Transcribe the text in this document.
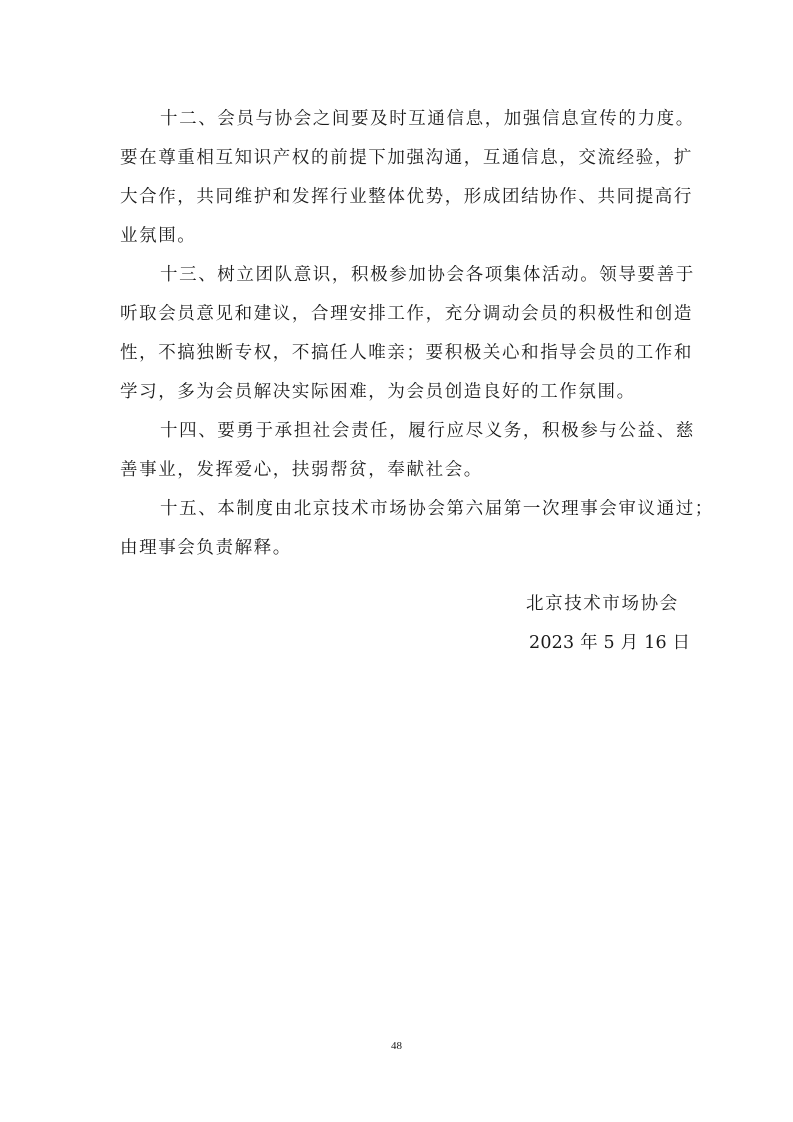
十二、会员与协会之间要及时互通信息，加强信息宣传的力度。
要在尊重相互知识产权的前提下加强沟通，互通信息，交流经验，扩
大合作，共同维护和发挥行业整体优势，形成团结协作、共同提高行
业氛围。
十三、树立团队意识，积极参加协会各项集体活动。领导要善于
听取会员意见和建议，合理安排工作，充分调动会员的积极性和创造
性，不搞独断专权，不搞任人唯亲；要积极关心和指导会员的工作和
学习，多为会员解决实际困难，为会员创造良好的工作氛围。
十四、要勇于承担社会责任，履行应尽义务，积极参与公益、慈
善事业，发挥爱心，扶弱帮贫，奉献社会。
十五、本制度由北京技术市场协会第六届第一次理事会审议通过；
由理事会负责解释。
北京技术市场协会
2023 年 5 月 16 日
48
